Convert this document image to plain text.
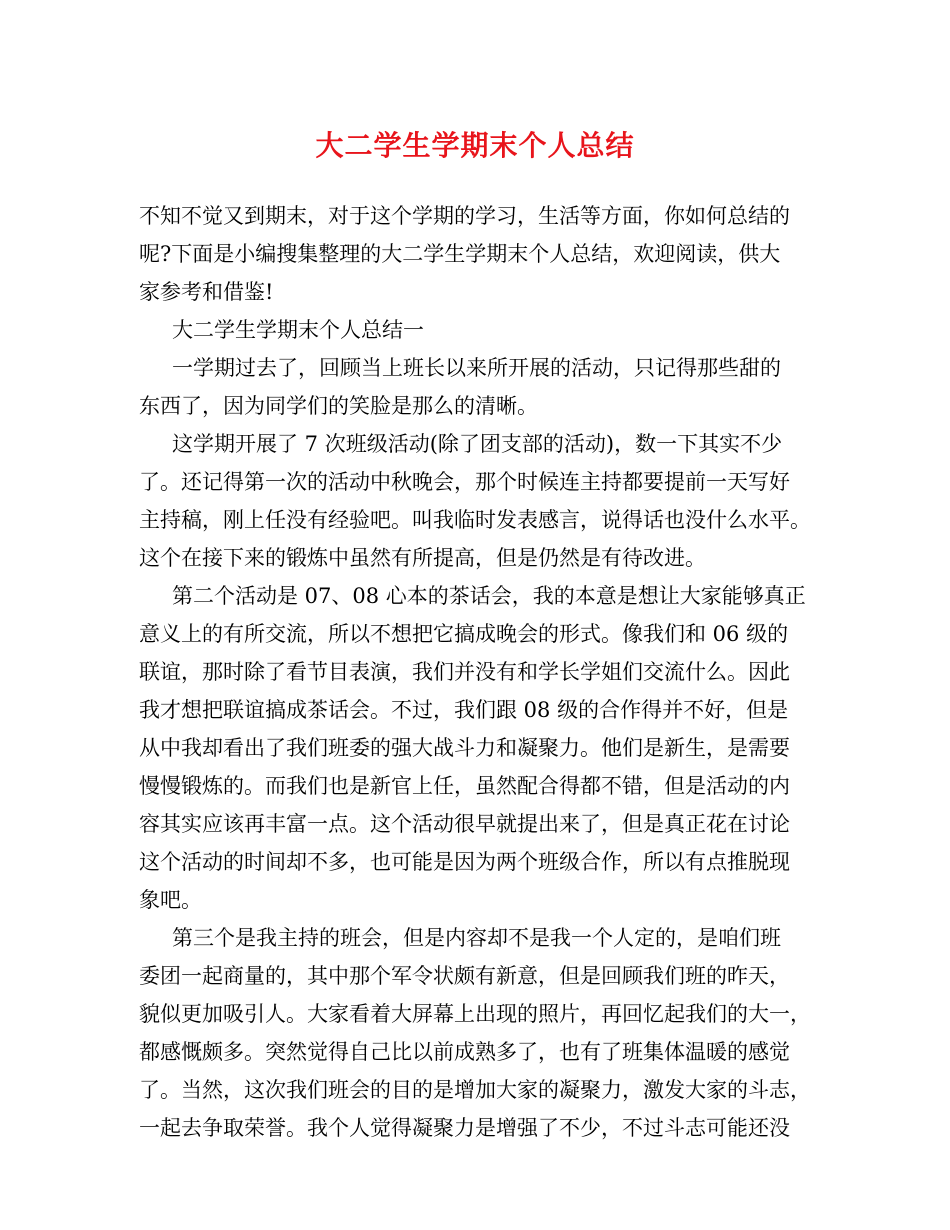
大二学生学期末个人总结
不知不觉又到期末，对于这个学期的学习，生活等方面，你如何总结的
呢?下面是小编搜集整理的大二学生学期末个人总结，欢迎阅读，供大
家参考和借鉴!
大二学生学期末个人总结一
一学期过去了，回顾当上班长以来所开展的活动，只记得那些甜的
东西了，因为同学们的笑脸是那么的清晰。
这学期开展了 7 次班级活动(除了团支部的活动)，数一下其实不少
了。还记得第一次的活动中秋晚会，那个时候连主持都要提前一天写好
主持稿，刚上任没有经验吧。叫我临时发表感言，说得话也没什么水平。
这个在接下来的锻炼中虽然有所提高，但是仍然是有待改进。
第二个活动是 07、08 心本的茶话会，我的本意是想让大家能够真正
意义上的有所交流，所以不想把它搞成晚会的形式。像我们和 06 级的
联谊，那时除了看节目表演，我们并没有和学长学姐们交流什么。因此
我才想把联谊搞成茶话会。不过，我们跟 08 级的合作得并不好，但是
从中我却看出了我们班委的强大战斗力和凝聚力。他们是新生，是需要
慢慢锻炼的。而我们也是新官上任，虽然配合得都不错，但是活动的内
容其实应该再丰富一点。这个活动很早就提出来了，但是真正花在讨论
这个活动的时间却不多，也可能是因为两个班级合作，所以有点推脱现
象吧。
第三个是我主持的班会，但是内容却不是我一个人定的，是咱们班
委团一起商量的，其中那个军令状颇有新意，但是回顾我们班的昨天，
貌似更加吸引人。大家看着大屏幕上出现的照片，再回忆起我们的大一，
都感慨颇多。突然觉得自己比以前成熟多了，也有了班集体温暖的感觉
了。当然，这次我们班会的目的是增加大家的凝聚力，激发大家的斗志，
一起去争取荣誉。我个人觉得凝聚力是增强了不少，不过斗志可能还没
